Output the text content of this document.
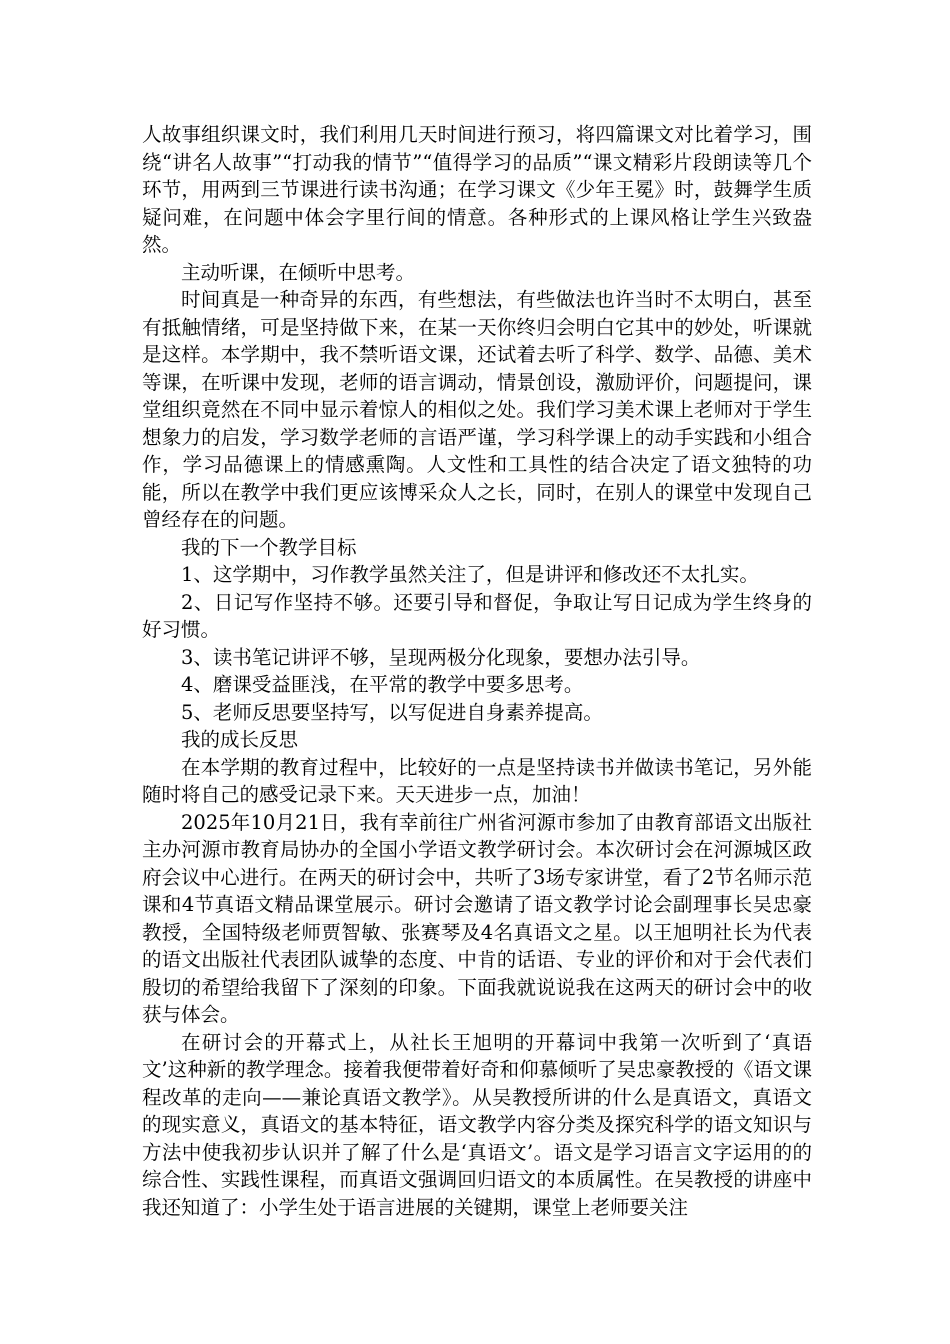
人故事组织课文时，我们利用几天时间进行预习，将四篇课文对比着学习，围绕“讲名人故事”“打动我的情节”“值得学习的品质”“课文精彩片段朗读等几个环节，用两到三节课进行读书沟通；在学习课文《少年王冕》时，鼓舞学生质疑问难，在问题中体会字里行间的情意。各种形式的上课风格让学生兴致盎然。

主动听课，在倾听中思考。

时间真是一种奇异的东西，有些想法，有些做法也许当时不太明白，甚至有抵触情绪，可是坚持做下来，在某一天你终归会明白它其中的妙处，听课就是这样。本学期中，我不禁听语文课，还试着去听了科学、数学、品德、美术等课，在听课中发现，老师的语言调动，情景创设，激励评价，问题提问，课堂组织竟然在不同中显示着惊人的相似之处。我们学习美术课上老师对于学生想象力的启发，学习数学老师的言语严谨，学习科学课上的动手实践和小组合作，学习品德课上的情感熏陶。人文性和工具性的结合决定了语文独特的功能，所以在教学中我们更应该博采众人之长，同时，在别人的课堂中发现自己曾经存在的问题。

我的下一个教学目标

1、这学期中，习作教学虽然关注了，但是讲评和修改还不太扎实。

2、日记写作坚持不够。还要引导和督促，争取让写日记成为学生终身的好习惯。

3、读书笔记讲评不够，呈现两极分化现象，要想办法引导。

4、磨课受益匪浅，在平常的教学中要多思考。

5、老师反思要坚持写，以写促进自身素养提高。

我的成长反思

在本学期的教育过程中，比较好的一点是坚持读书并做读书笔记，另外能随时将自己的感受记录下来。天天进步一点，加油！

2025年10月21日，我有幸前往广州省河源市参加了由教育部语文出版社主办河源市教育局协办的全国小学语文教学研讨会。本次研讨会在河源城区政府会议中心进行。在两天的研讨会中，共听了3场专家讲堂，看了2节名师示范课和4节真语文精品课堂展示。研讨会邀请了语文教学讨论会副理事长吴忠豪教授，全国特级老师贾智敏、张赛琴及4名真语文之星。以王旭明社长为代表的语文出版社代表团队诚挚的态度、中肯的话语、专业的评价和对于会代表们殷切的希望给我留下了深刻的印象。下面我就说说我在这两天的研讨会中的收获与体会。

在研讨会的开幕式上，从社长王旭明的开幕词中我第一次听到了‘真语文’这种新的教学理念。接着我便带着好奇和仰慕倾听了吴忠豪教授的《语文课程改革的走向——兼论真语文教学》。从吴教授所讲的什么是真语文，真语文的现实意义，真语文的基本特征，语文教学内容分类及探究科学的语文知识与方法中使我初步认识并了解了什么是‘真语文’。语文是学习语言文字运用的的综合性、实践性课程，而真语文强调回归语文的本质属性。在吴教授的讲座中我还知道了：小学生处于语言进展的关键期，课堂上老师要关注
